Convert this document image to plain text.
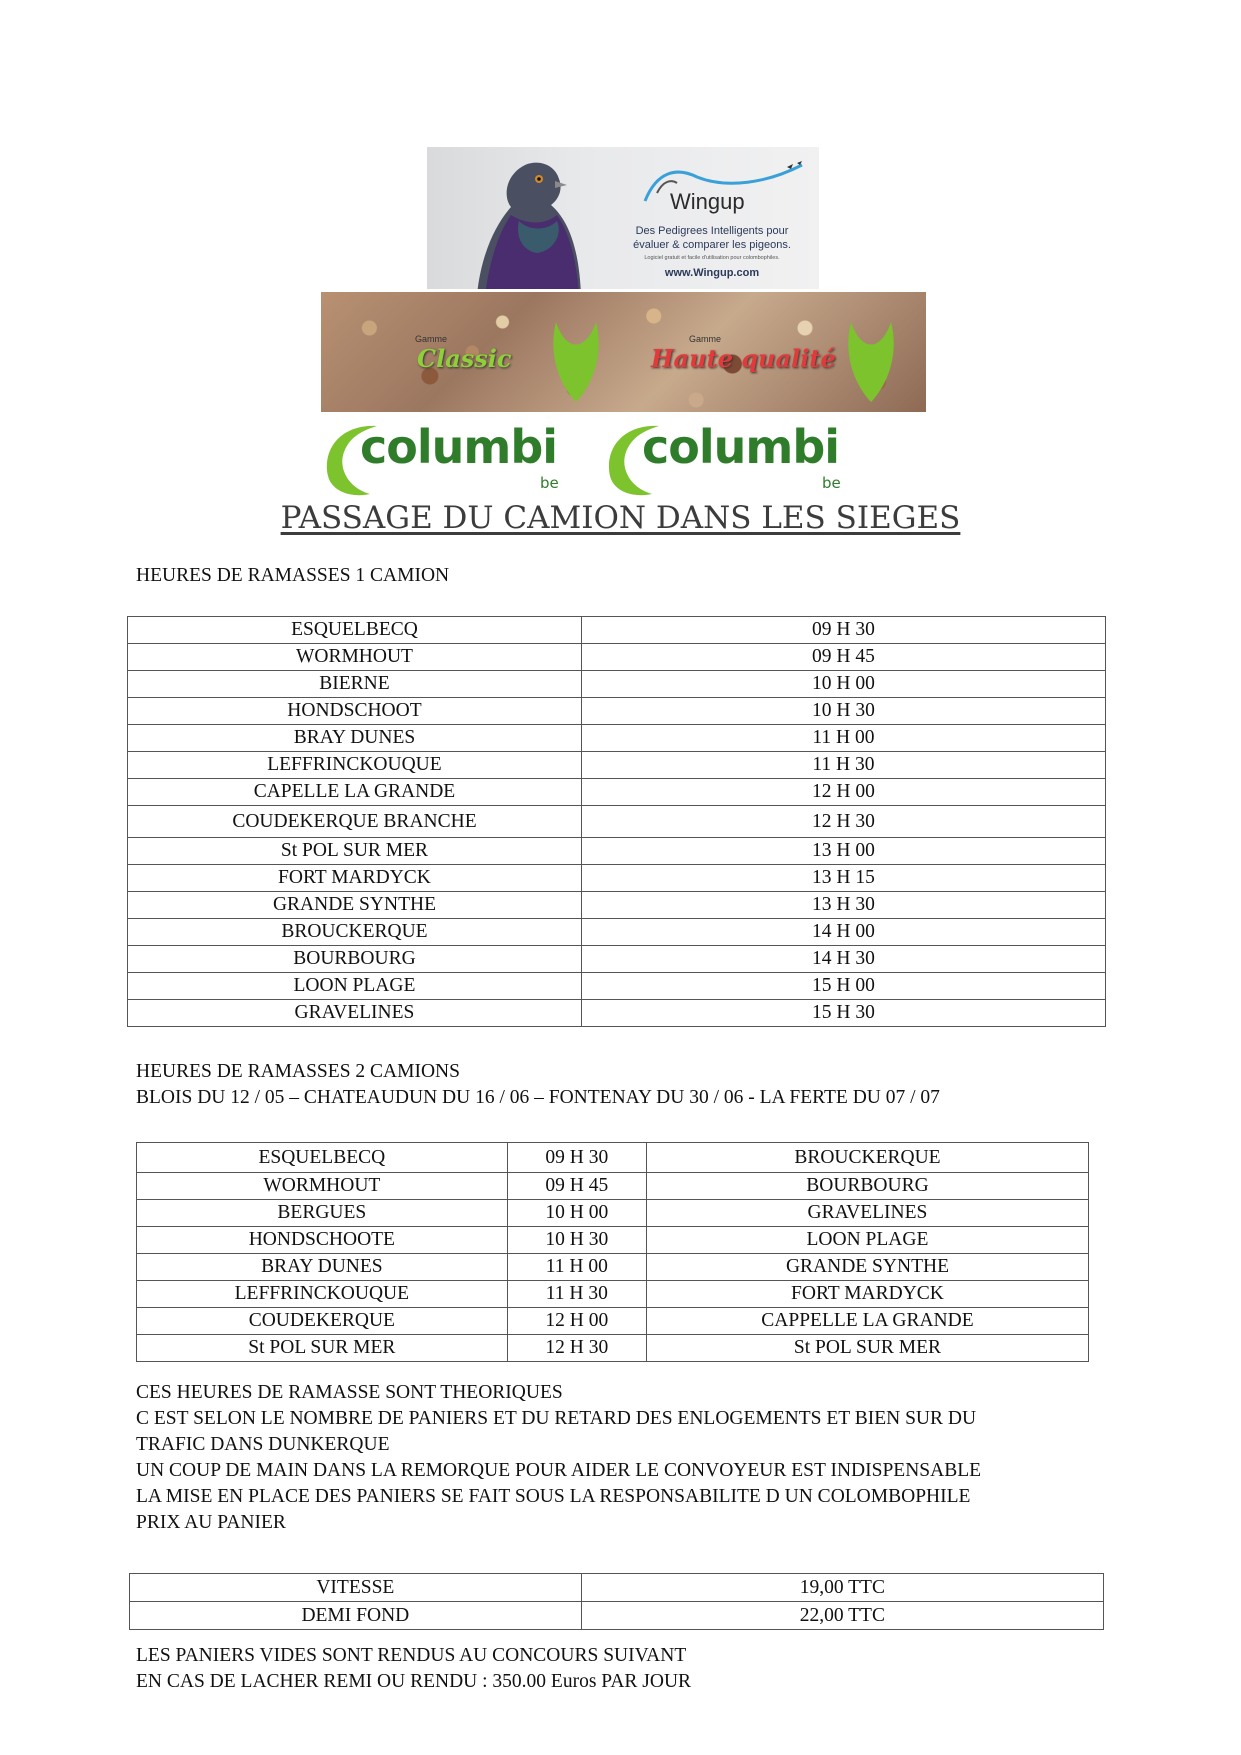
Wingup
Des Pedigrees Intelligents pour
évaluer & comparer les pigeons.
Logiciel gratuit et facile d'utilisation pour colombophiles.
www.Wingup.com
Gamme
Classic
Gamme
Haute qualité
columbi
be
columbi
be
PASSAGE DU CAMION DANS LES SIEGES
HEURES DE RAMASSES 1 CAMION
ESQUELBECQ	09 H 30
WORMHOUT	09 H 45
BIERNE	10 H 00
HONDSCHOOT	10 H 30
BRAY DUNES	11 H 00
LEFFRINCKOUQUE	11 H 30
CAPELLE LA GRANDE	12 H 00
COUDEKERQUE BRANCHE	12 H 30
St POL SUR MER	13 H 00
FORT MARDYCK	13 H 15
GRANDE SYNTHE	13 H 30
BROUCKERQUE	14 H 00
BOURBOURG	14 H 30
LOON PLAGE	15 H 00
GRAVELINES	15 H 30
HEURES DE RAMASSES 2 CAMIONS
BLOIS DU 12 / 05 – CHATEAUDUN DU 16 / 06 – FONTENAY DU 30 / 06 - LA FERTE DU 07 / 07
ESQUELBECQ	09 H 30	BROUCKERQUE
WORMHOUT	09 H 45	BOURBOURG
BERGUES	10 H 00	GRAVELINES
HONDSCHOOTE	10 H 30	LOON PLAGE
BRAY DUNES	11 H 00	GRANDE SYNTHE
LEFFRINCKOUQUE	11 H 30	FORT MARDYCK
COUDEKERQUE	12 H 00	CAPPELLE LA GRANDE
St POL SUR MER	12 H 30	St POL SUR MER
CES HEURES DE RAMASSE SONT THEORIQUES
C EST SELON LE NOMBRE DE PANIERS ET DU RETARD DES ENLOGEMENTS ET BIEN SUR DU
TRAFIC DANS DUNKERQUE
UN COUP DE MAIN DANS LA REMORQUE POUR AIDER LE CONVOYEUR EST INDISPENSABLE
LA MISE EN PLACE DES PANIERS SE FAIT SOUS LA RESPONSABILITE D UN COLOMBOPHILE
PRIX AU PANIER
VITESSE	19,00 TTC
DEMI FOND	22,00 TTC
LES PANIERS VIDES SONT RENDUS AU CONCOURS SUIVANT
EN CAS DE LACHER REMI OU RENDU : 350.00 Euros PAR JOUR
